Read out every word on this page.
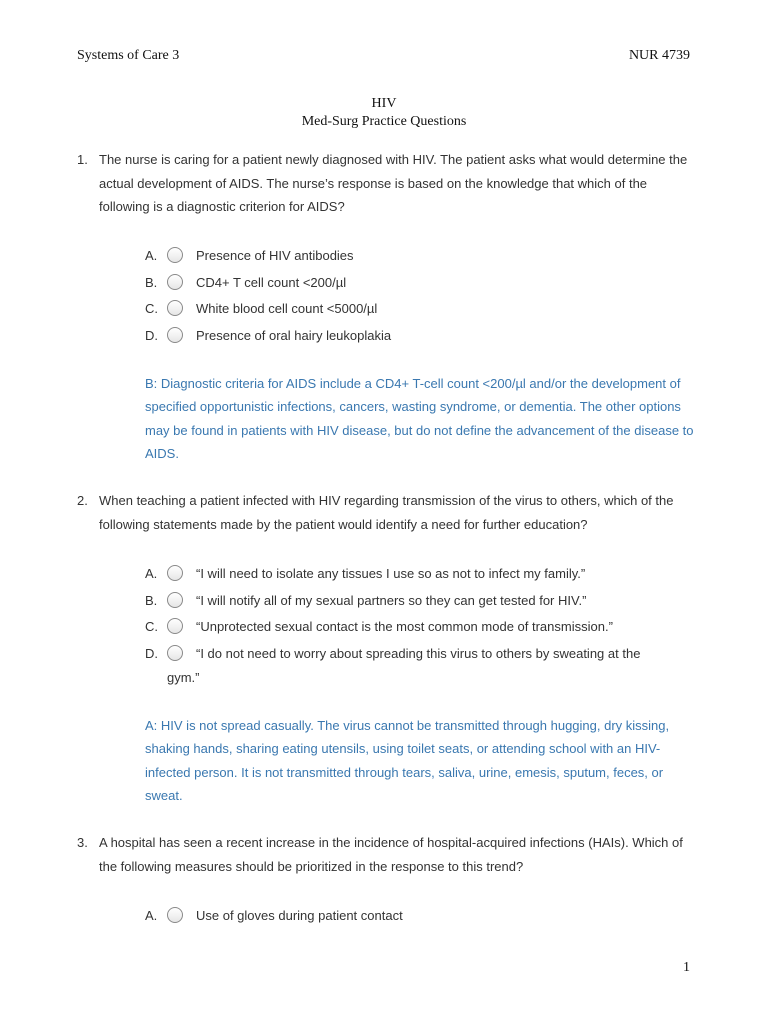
Systems of Care 3	NUR 4739
HIV
Med-Surg Practice Questions
1. The nurse is caring for a patient newly diagnosed with HIV. The patient asks what would determine the actual development of AIDS. The nurse’s response is based on the knowledge that which of the following is a diagnostic criterion for AIDS?
A.	Presence of HIV antibodies
B.	CD4+ T cell count <200/µl
C.	White blood cell count <5000/µl
D.	Presence of oral hairy leukoplakia
B: Diagnostic criteria for AIDS include a CD4+ T-cell count <200/µl and/or the development of specified opportunistic infections, cancers, wasting syndrome, or dementia. The other options may be found in patients with HIV disease, but do not define the advancement of the disease to AIDS.
2. When teaching a patient infected with HIV regarding transmission of the virus to others, which of the following statements made by the patient would identify a need for further education?
A.	“I will need to isolate any tissues I use so as not to infect my family.”
B.	“I will notify all of my sexual partners so they can get tested for HIV.”
C.	“Unprotected sexual contact is the most common mode of transmission.”
D.	“I do not need to worry about spreading this virus to others by sweating at the
gym.”
A: HIV is not spread casually. The virus cannot be transmitted through hugging, dry kissing, shaking hands, sharing eating utensils, using toilet seats, or attending school with an HIV-infected person. It is not transmitted through tears, saliva, urine, emesis, sputum, feces, or sweat.
3. A hospital has seen a recent increase in the incidence of hospital-acquired infections (HAIs). Which of the following measures should be prioritized in the response to this trend?
A.	Use of gloves during patient contact
1
